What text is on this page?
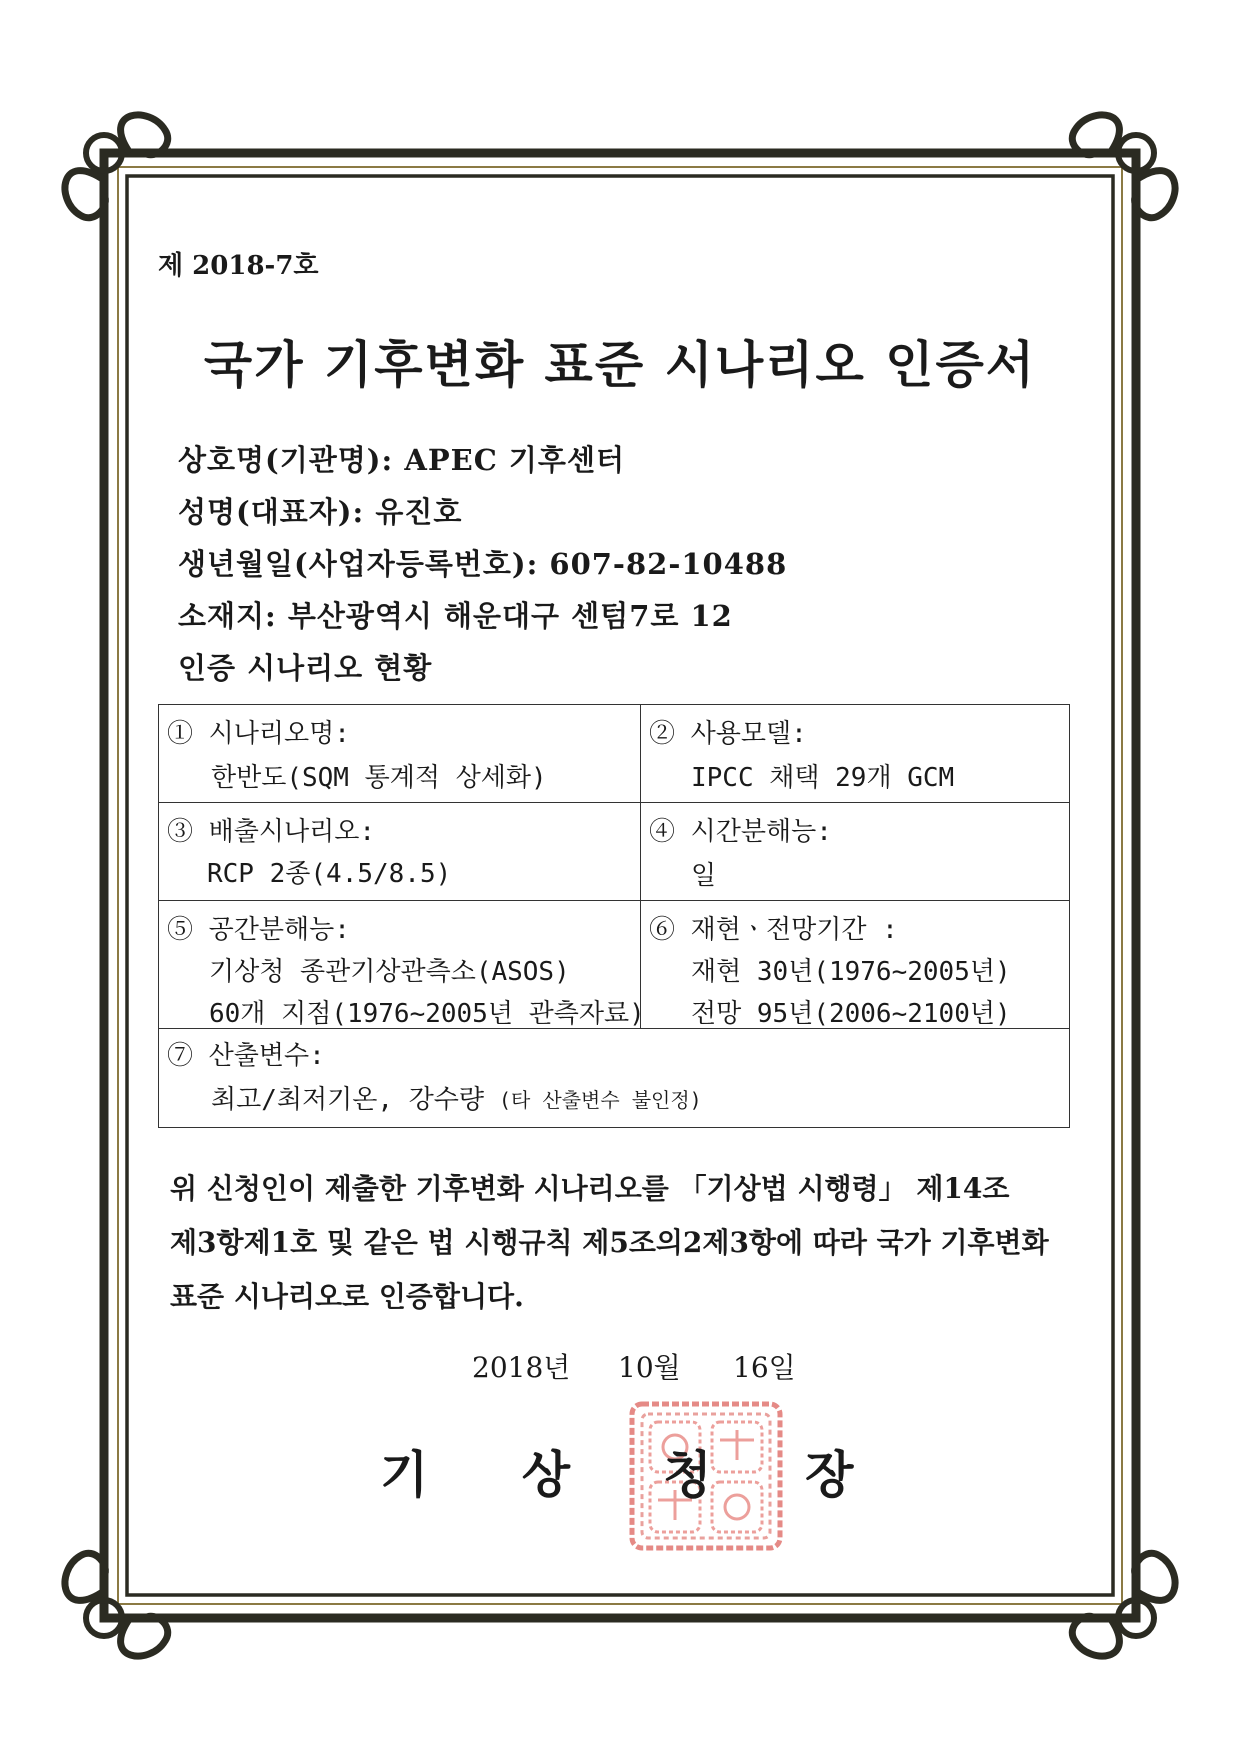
제 2018-7호
국가 기후변화 표준 시나리오 인증서
상호명(기관명): APEC 기후센터
성명(대표자): 유진호
생년월일(사업자등록번호): 607-82-10488
소재지: 부산광역시 해운대구 센텀7로 12
인증 시나리오 현황
① 시나리오명:
한반도(SQM 통계적 상세화)
② 사용모델:
IPCC 채택 29개 GCM
③ 배출시나리오:
RCP 2종(4.5/8.5)
④ 시간분해능:
일
⑤ 공간분해능:
기상청 종관기상관측소(ASOS)
60개 지점(1976~2005년 관측자료)
⑥ 재현ㆍ전망기간 :
재현 30년(1976~2005년)
전망 95년(2006~2100년)
⑦ 산출변수:
최고/최저기온, 강수량 (타 산출변수 불인정)

위 신청인이 제출한 기후변화 시나리오를 「기상법 시행령」 제14조

제3항제1호 및 같은 법 시행규칙 제5조의2제3항에 따라 국가 기후변화

표준 시나리오로 인증합니다.

2018년 10월 16일
기 상 청 장
